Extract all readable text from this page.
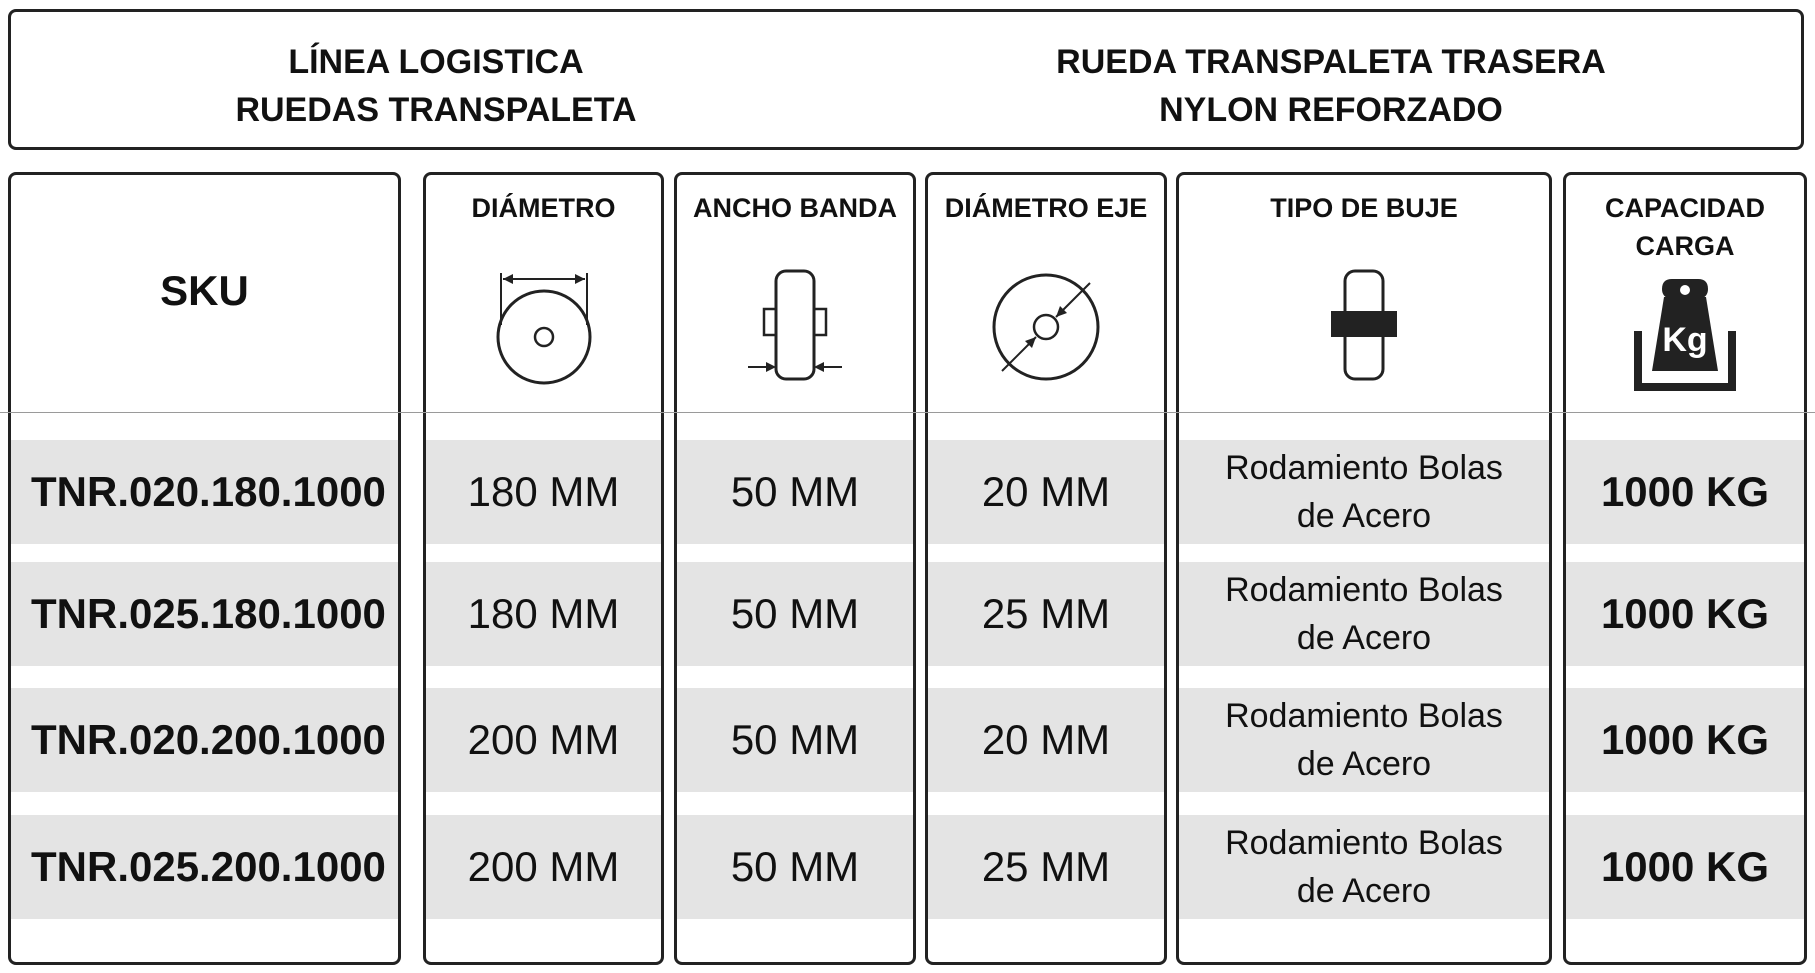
LÍNEA LOGISTICA
RUEDAS TRANSPALETA
RUEDA TRANSPALETA TRASERA
NYLON REFORZADO
SKU
TNR.020.180.1000
TNR.025.180.1000
TNR.020.200.1000
TNR.025.200.1000
DIÁMETRO
180 MM
180 MM
200 MM
200 MM
ANCHO BANDA
50 MM
50 MM
50 MM
50 MM
DIÁMETRO EJE
20 MM
25 MM
20 MM
25 MM
TIPO DE BUJE
Rodamiento Bolas
de Acero
Rodamiento Bolas
de Acero
Rodamiento Bolas
de Acero
Rodamiento Bolas
de Acero
CAPACIDAD
CARGA
Kg
1000 KG
1000 KG
1000 KG
1000 KG
